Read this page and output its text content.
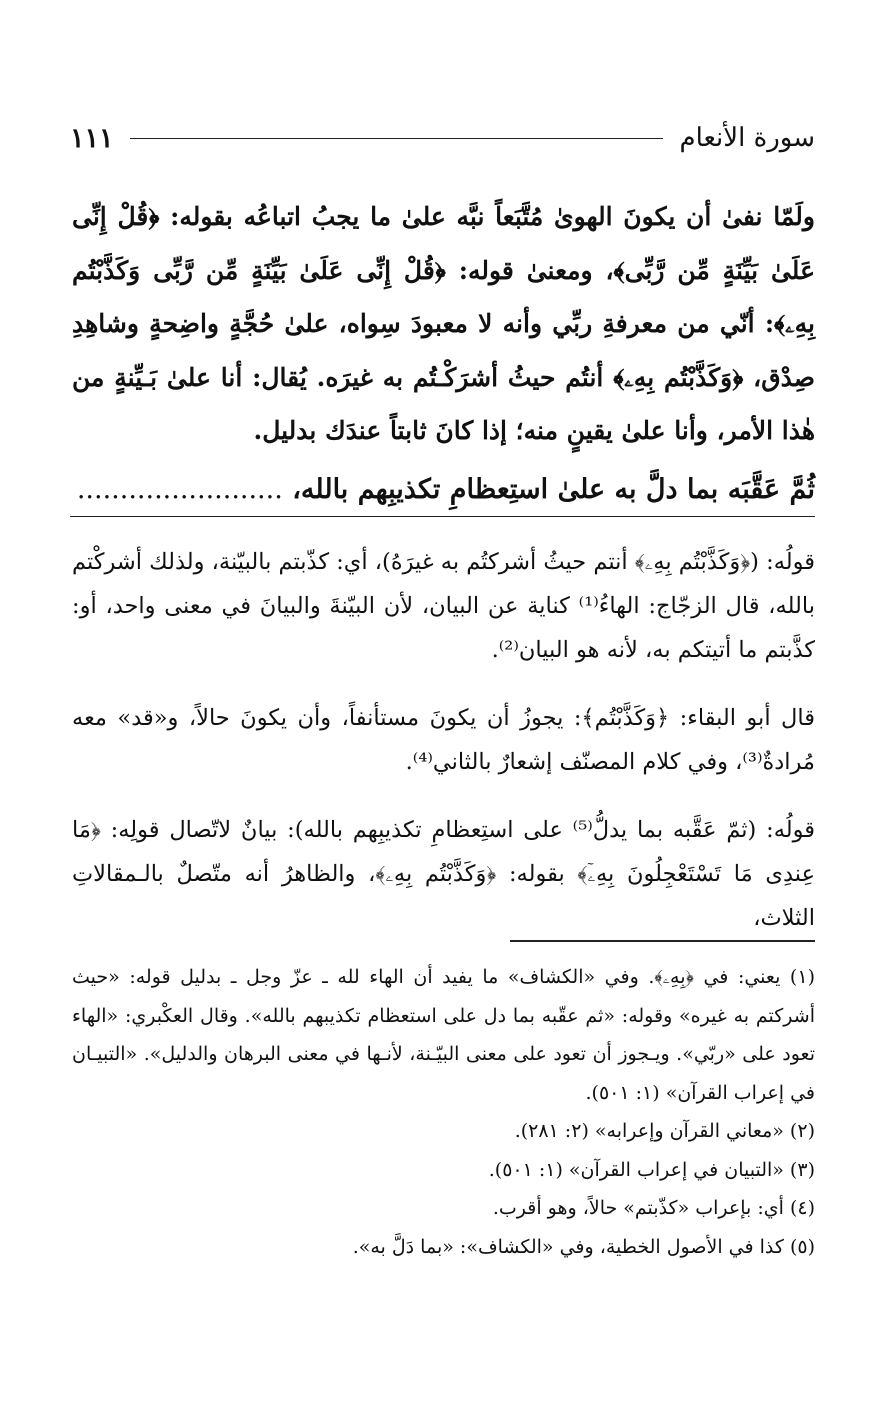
سورة الأنعام
١١١
ولَمّا نفىٰ أن يكونَ الهوىٰ مُتَّبَعاً نبَّه علىٰ ما يجبُ اتباعُه بقوله: ﴿قُلْ إِنِّى عَلَىٰ بَيِّنَةٍ مِّن رَّبِّى﴾، ومعنىٰ قوله: ﴿قُلْ إِنِّى عَلَىٰ بَيِّنَةٍ مِّن رَّبِّى وَكَذَّبْتُم بِهِۦ﴾: أنّي من معرفةِ ربِّي وأنه لا معبودَ سِواه، علىٰ حُجَّةٍ واضِحةٍ وشاهِدِ صِدْق، ﴿وَكَذَّبْتُم بِهِۦ﴾ أنتُم حيثُ أشرَكْـتُم به غيرَه. يُقال: أنا علىٰ بَـيِّنةٍ من هٰذا الأمر، وأنا علىٰ يقينٍ منه؛ إذا كانَ ثابتاً عندَك بدليل.
ثُمَّ عَقَّبَه بما دلَّ به علىٰ استِعظامِ تكذيبِهم بالله، ........................

قولُه: (﴿وَكَذَّبْتُم بِهِۦ﴾ أنتم حيثُ أشركتُم به غيرَهُ)، أي: كذّبتم بالبيّنة، ولذلك أشركْتم بالله، قال الزجّاج: الهاءُ⁽¹⁾ كناية عن البيان، لأن البيّنةَ والبيانَ في معنى واحد، أو: كذَّبتم ما أتيتكم به، لأنه هو البيان⁽²⁾.

قال أبو البقاء: ﴿وَكَذَّبْتُم﴾: يجوزُ أن يكونَ مستأنفاً، وأن يكونَ حالاً، و«قد» معه مُرادةٌ⁽³⁾، وفي كلام المصنّف إشعارٌ بالثاني⁽⁴⁾.

قولُه: (ثمّ عَقَّبه بما يدلُّ⁽⁵⁾ على استِعظامِ تكذيبِهم بالله): بيانٌ لاتّصال قولِه: ﴿مَا عِندِى مَا تَسْتَعْجِلُونَ بِهِۦٓ﴾ بقوله: ﴿وَكَذَّبْتُم بِهِۦ﴾، والظاهرُ أنه متّصلٌ بالـمقالاتِ الثلاث،

(١) يعني: في ﴿بِهِۦ﴾. وفي «الكشاف» ما يفيد أن الهاء لله ـ عزّ وجل ـ بدليل قوله: «حيث أشركتم به غيره» وقوله: «ثم عقّبه بما دل على استعظام تكذيبهم بالله». وقال العكْبري: «الهاء تعود على «ربّي». ويـجوز أن تعود على معنى البيّـنة، لأنـها في معنى البرهان والدليل». «التبيـان في إعراب القرآن» (١: ٥٠١).

(٢) «معاني القرآن وإعرابه» (٢: ٢٨١).

(٣) «التبيان في إعراب القرآن» (١: ٥٠١).

(٤) أي: بإعراب «كذّبتم» حالاً، وهو أقرب.

(٥) كذا في الأصول الخطية، وفي «الكشاف»: «بما دَلَّ به».
